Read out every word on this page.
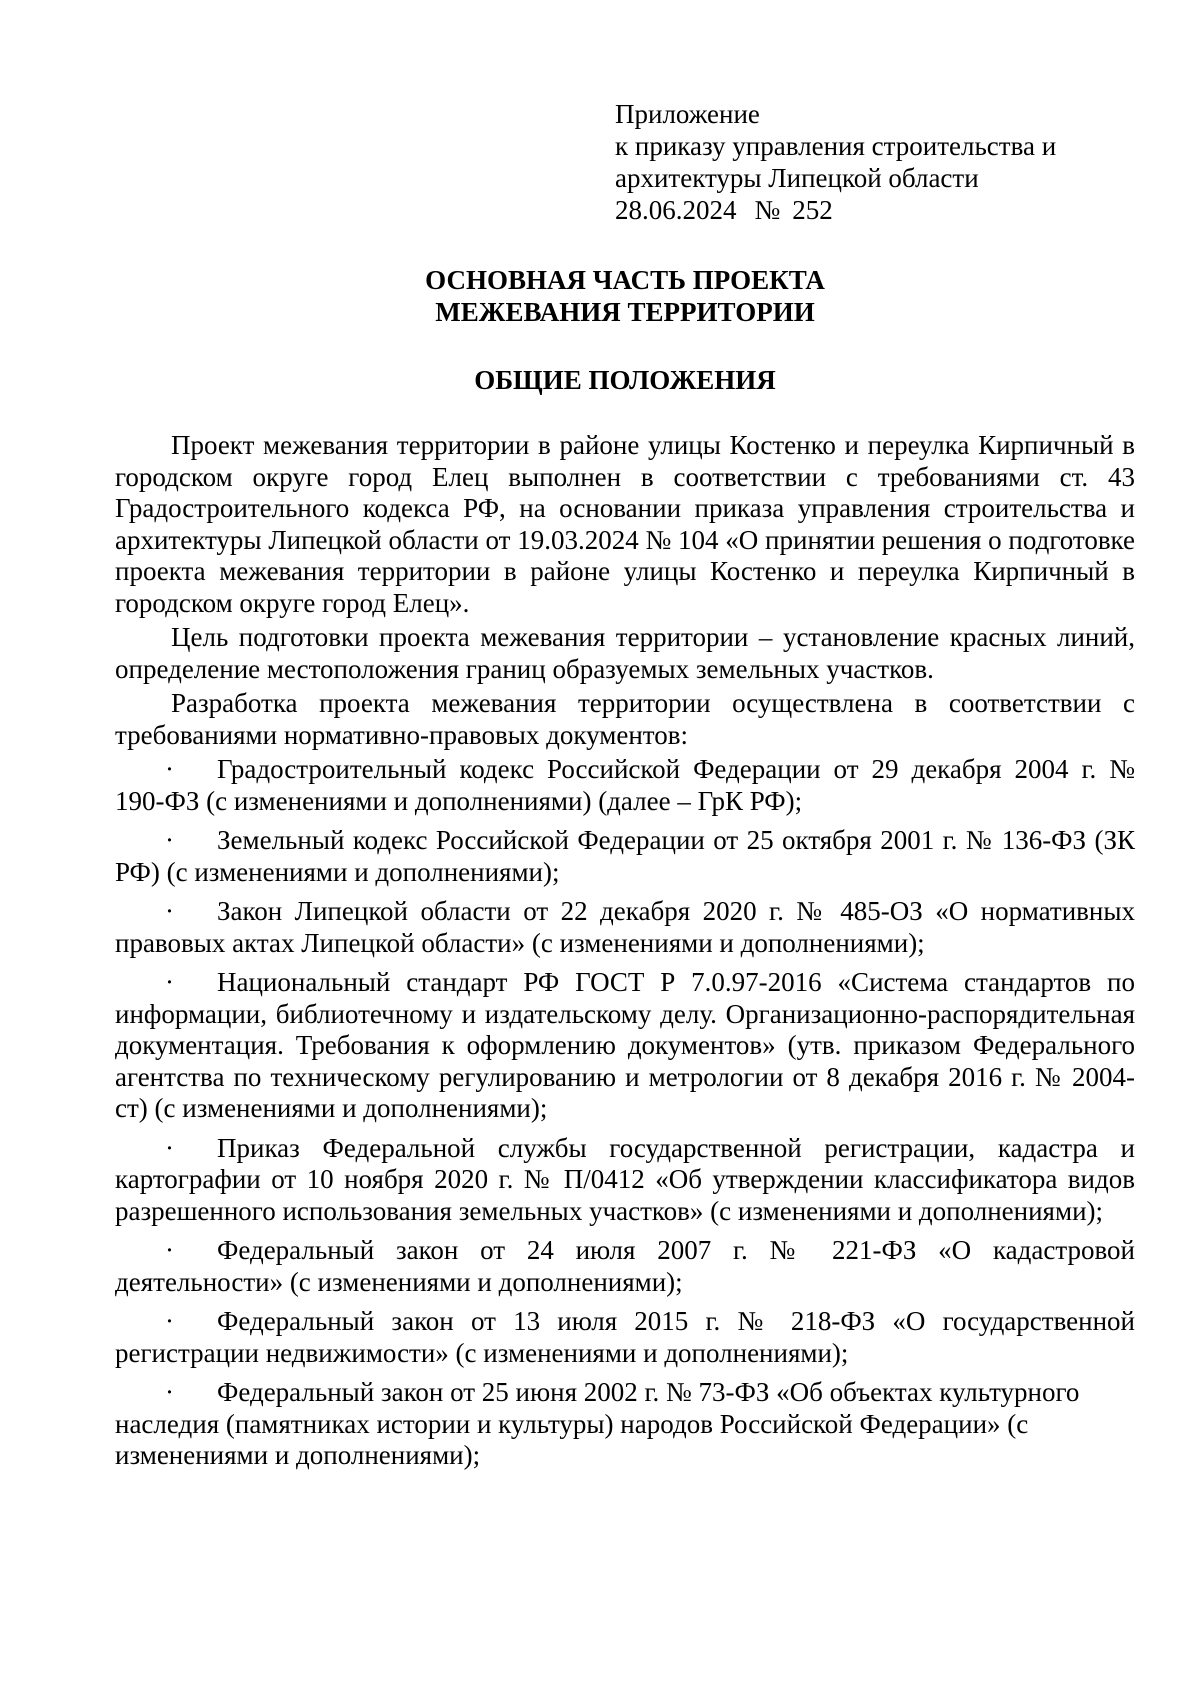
Приложение
к приказу управления строительства и
архитектуры Липецкой области
28.06.2024 № 252
ОСНОВНАЯ ЧАСТЬ ПРОЕКТА
МЕЖЕВАНИЯ ТЕРРИТОРИИ
ОБЩИЕ ПОЛОЖЕНИЯ

Проект межевания территории в районе улицы Костенко и переулка Кирпичный в городском округе город Елец выполнен в соответствии с требованиями ст. 43 Градостроительного кодекса РФ, на основании приказа управления строительства и архитектуры Липецкой области от 19.03.2024 № 104 «О принятии решения о подготовке проекта межевания территории в районе улицы Костенко и переулка Кирпичный в городском округе город Елец».

Цель подготовки проекта межевания территории – установление красных линий, определение местоположения границ образуемых земельных участков.

Разработка проекта межевания территории осуществлена в соответствии с требованиями нормативно-правовых документов:

· Градостроительный кодекс Российской Федерации от 29 декабря 2004 г. № 190-ФЗ (с изменениями и дополнениями) (далее – ГрК РФ);
· Земельный кодекс Российской Федерации от 25 октября 2001 г. № 136-ФЗ (ЗК РФ) (с изменениями и дополнениями);
· Закон Липецкой области от 22 декабря 2020 г. № 485-ОЗ «О нормативных правовых актах Липецкой области» (с изменениями и дополнениями);
· Национальный стандарт РФ ГОСТ Р 7.0.97-2016 «Система стандартов по информации, библиотечному и издательскому делу. Организационно-распорядительная документация. Требования к оформлению документов» (утв. приказом Федерального агентства по техническому регулированию и метрологии от 8 декабря 2016 г. № 2004-ст) (с изменениями и дополнениями);
· Приказ Федеральной службы государственной регистрации, кадастра и картографии от 10 ноября 2020 г. № П/0412 «Об утверждении классификатора видов разрешенного использования земельных участков» (с изменениями и дополнениями);
· Федеральный закон от 24 июля 2007 г. № 221-ФЗ «О кадастровой деятельности» (с изменениями и дополнениями);
· Федеральный закон от 13 июля 2015 г. № 218-ФЗ «О государственной регистрации недвижимости» (с изменениями и дополнениями);
· Федеральный закон от 25 июня 2002 г. № 73-ФЗ «Об объектах культурного наследия (памятниках истории и культуры) народов Российской Федерации» (с изменениями и дополнениями);
